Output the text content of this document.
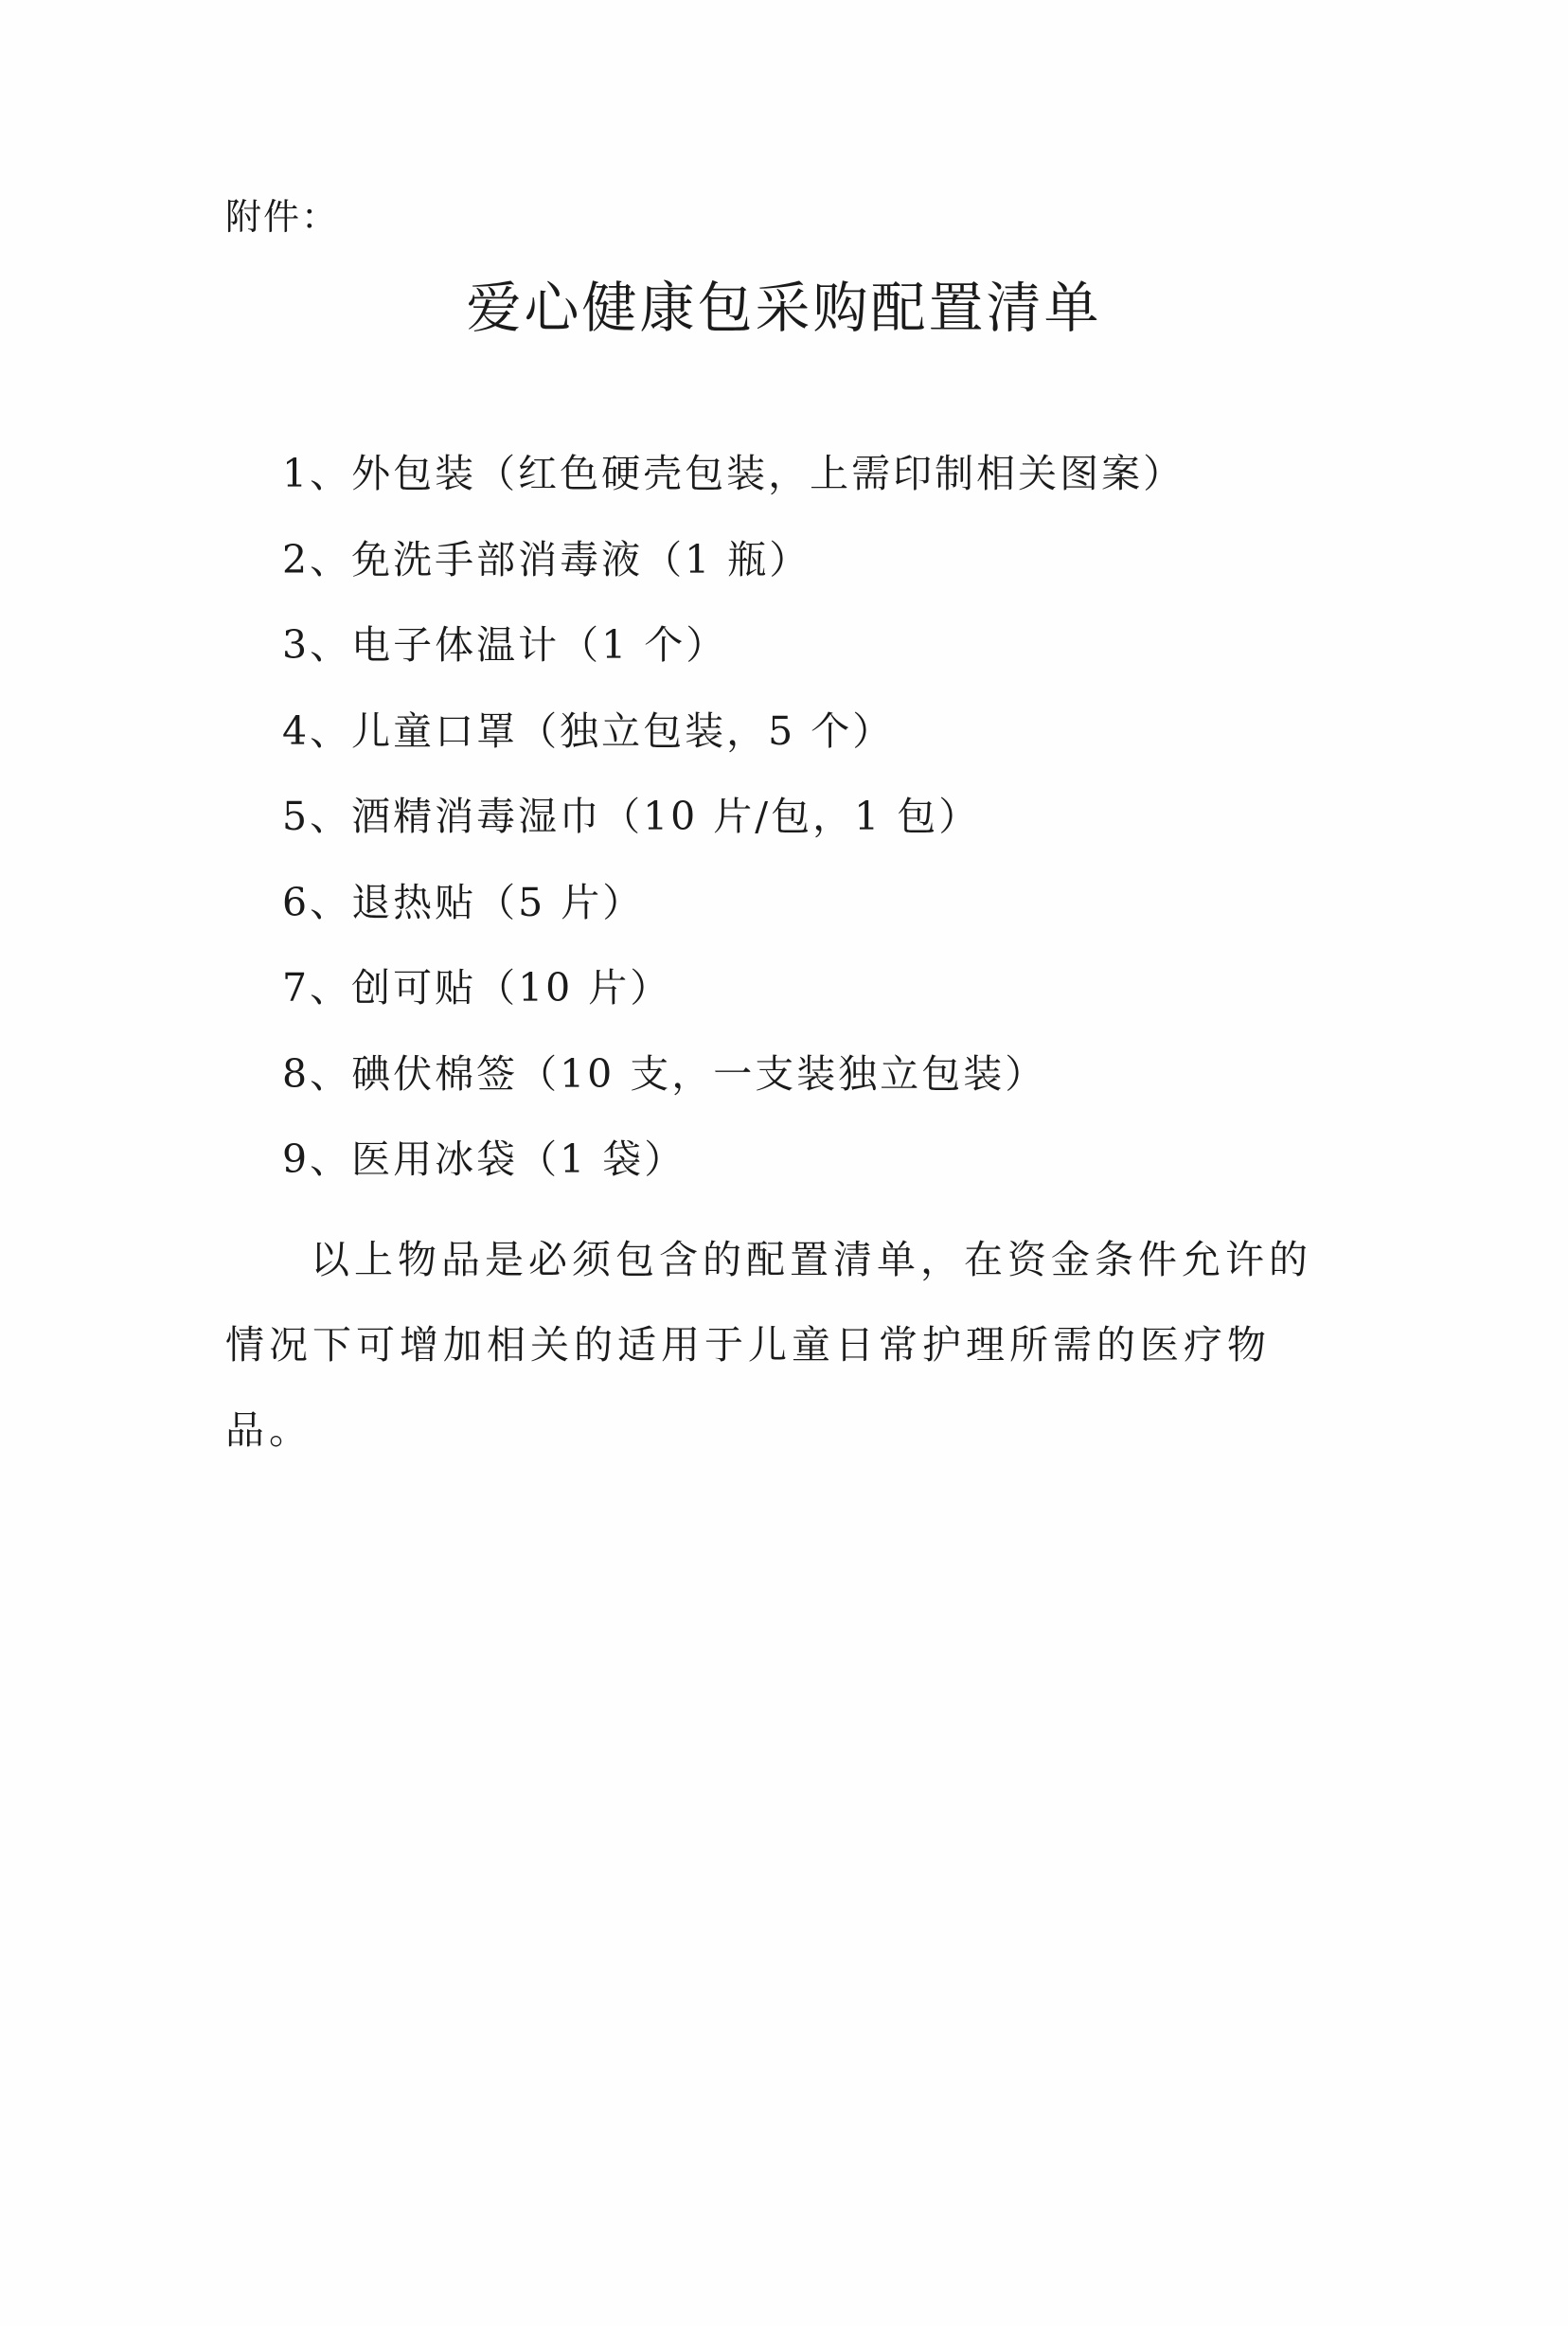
附件：
爱心健康包采购配置清单
1、外包装（红色硬壳包装，上需印制相关图案）
2、免洗手部消毒液（1 瓶）
3、电子体温计（1 个）
4、儿童口罩（独立包装，5 个）
5、酒精消毒湿巾（10 片/包，1 包）
6、退热贴（5 片）
7、创可贴（10 片）
8、碘伏棉签（10 支，一支装独立包装）
9、医用冰袋（1 袋）

以上物品是必须包含的配置清单，在资金条件允许的情况下可增加相关的适用于儿童日常护理所需的医疗物品。
